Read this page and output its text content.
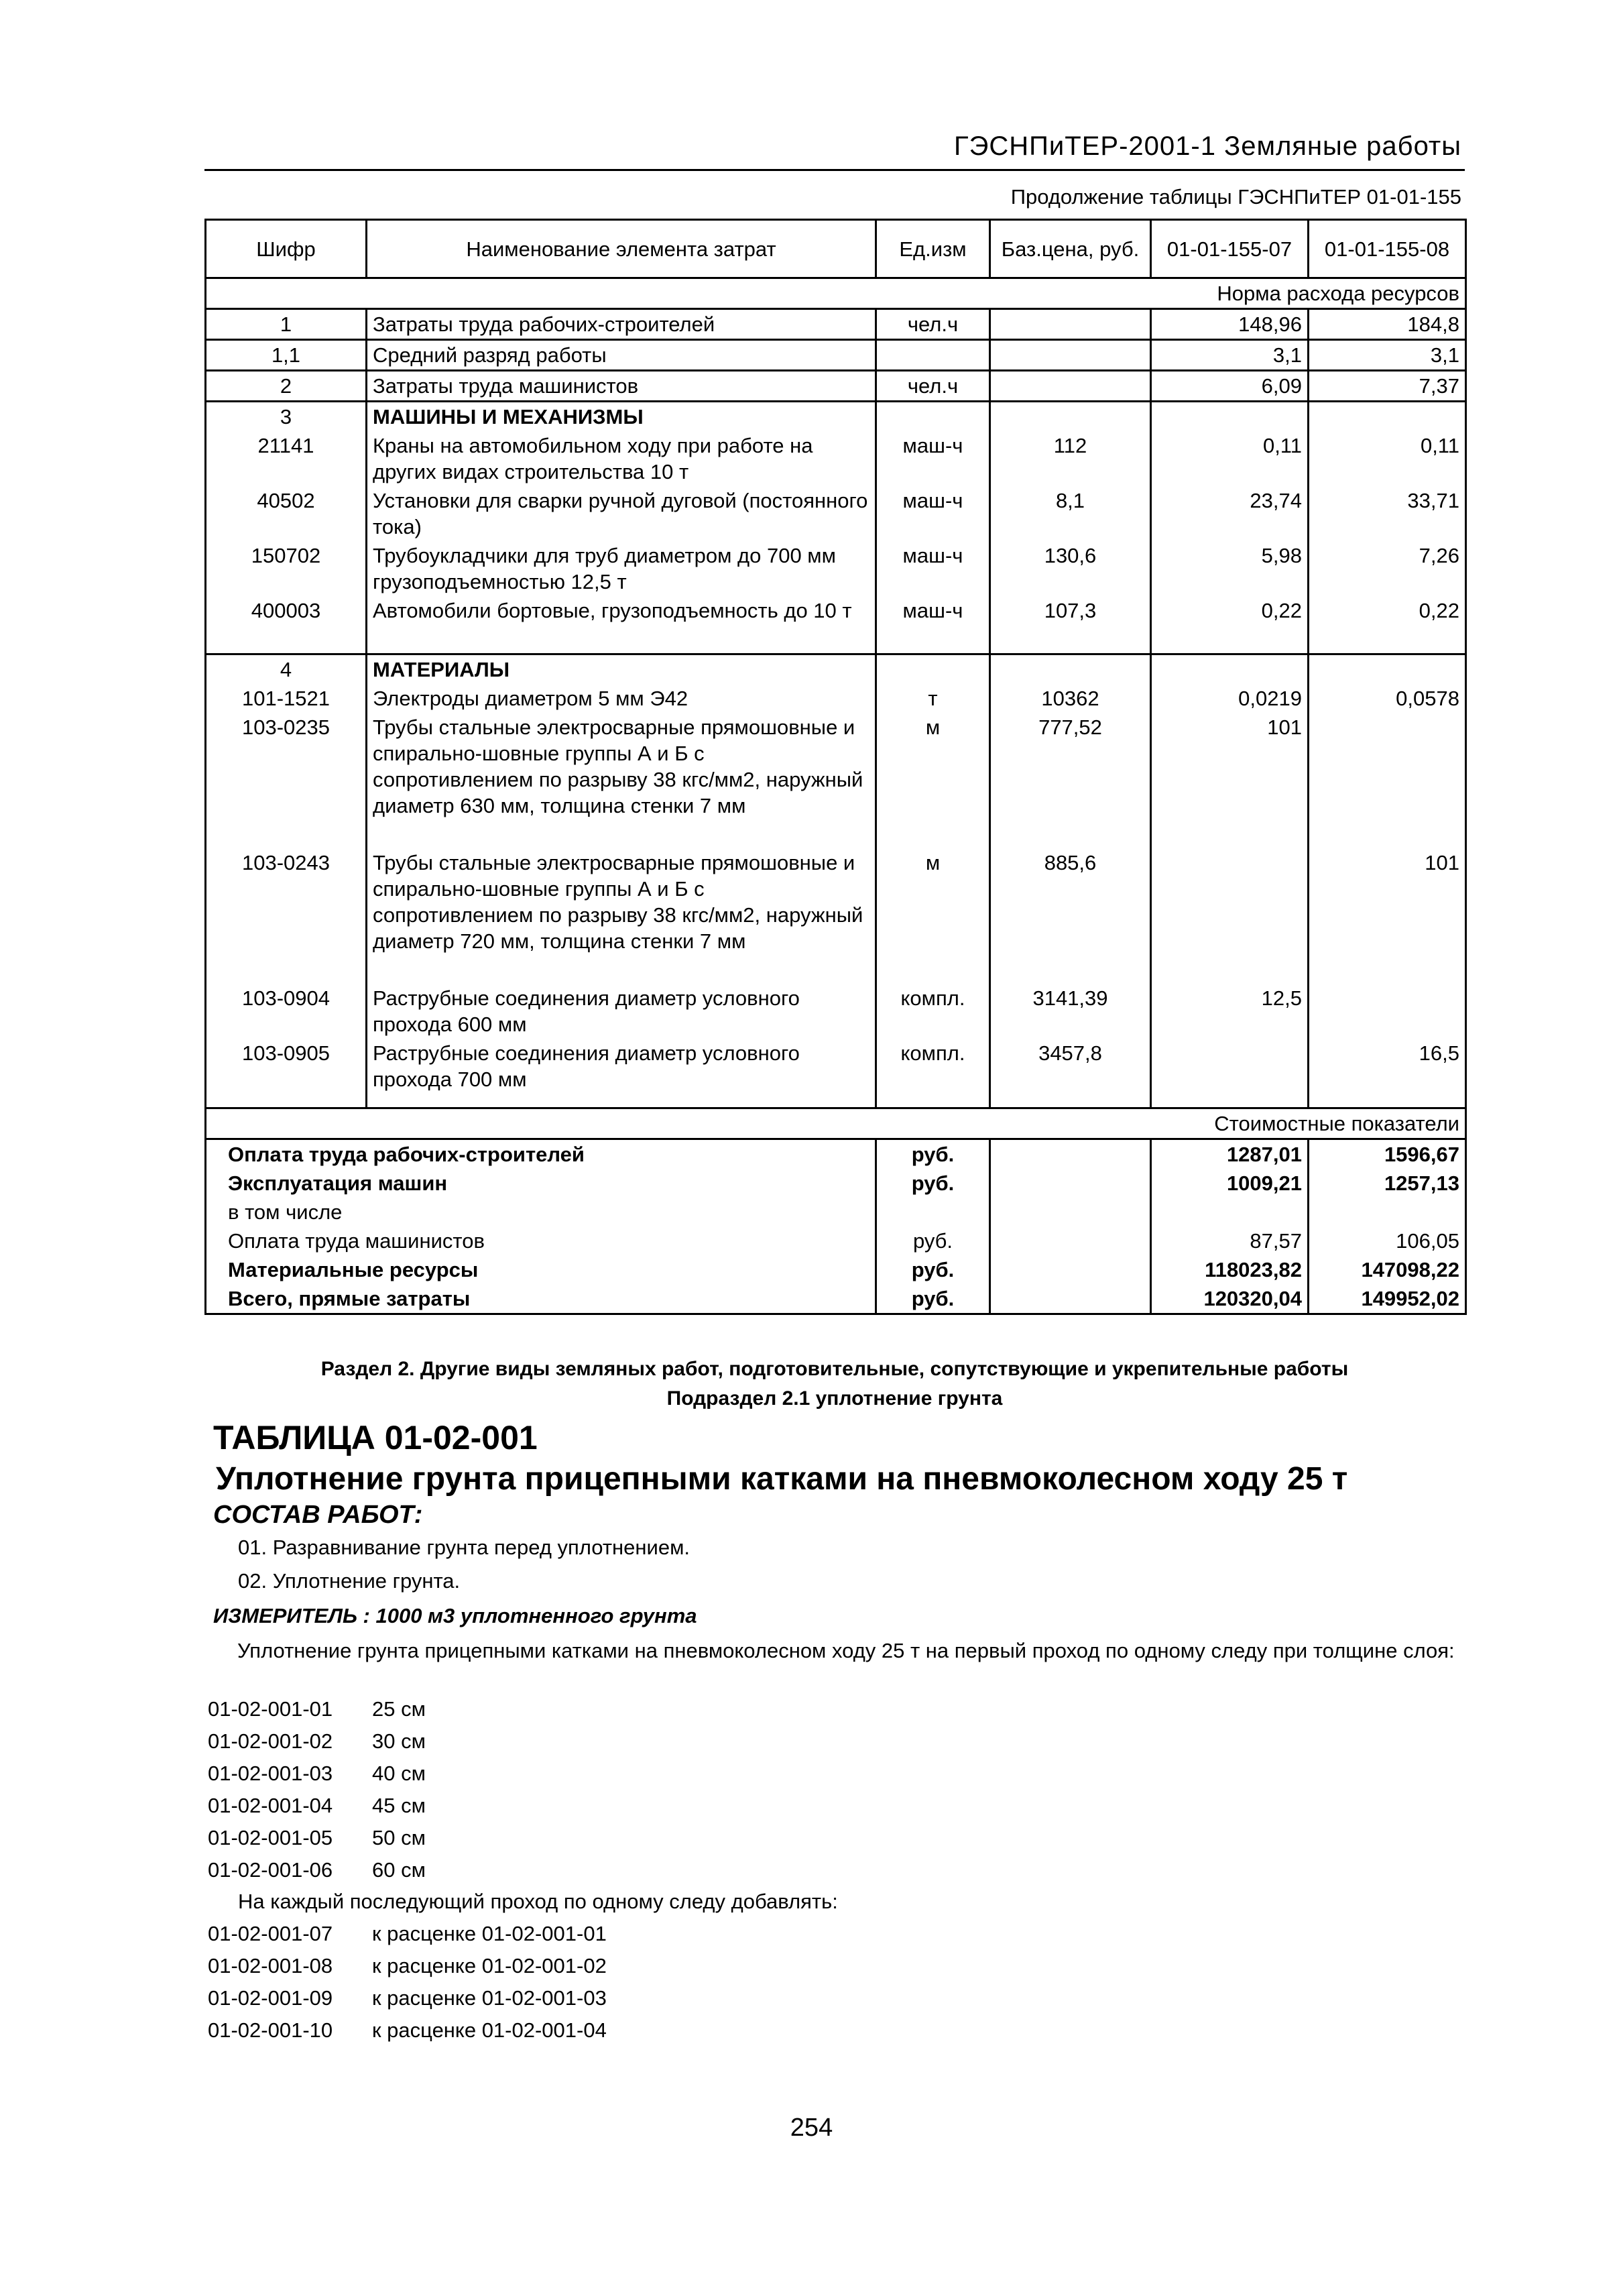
ГЭСНПиТЕР-2001-1 Земляные работы
Продолжение таблицы ГЭСНПиТЕР 01-01-155
Шифр	Наименование элемента затрат	Ед.изм	Баз.цена, руб.	01-01-155-07	01-01-155-08
Норма расхода ресурсов					
1	Затраты труда рабочих-строителей	чел.ч		148,96	184,8
1,1	Средний разряд работы			3,1	3,1
2	Затраты труда машинистов	чел.ч		6,09	7,37
3	МАШИНЫ И МЕХАНИЗМЫ				
21141	Краны на автомобильном ходу при работе на других видах строительства 10 т	маш-ч	112	0,11	0,11
40502	Установки для сварки ручной дуговой (постоянного тока)	маш-ч	8,1	23,74	33,71
150702	Трубоукладчики для труб диаметром до 700 мм грузоподъемностью 12,5 т	маш-ч	130,6	5,98	7,26
400003	Автомобили бортовые, грузоподъемность до 10 т	маш-ч	107,3	0,22	0,22

4	МАТЕРИАЛЫ				
101-1521	Электроды диаметром 5 мм Э42	т	10362	0,0219	0,0578
103-0235	Трубы стальные электросварные прямошовные и спирально-шовные группы А и Б с сопротивлением по разрыву 38 кгс/мм2, наружный диаметр 630 мм, толщина стенки 7 мм	м	777,52	101	

103-0243	Трубы стальные электросварные прямошовные и спирально-шовные группы А и Б с сопротивлением по разрыву 38 кгс/мм2, наружный диаметр 720 мм, толщина стенки 7 мм	м	885,6		101

103-0904	Раструбные соединения диаметр условного прохода 600 мм	компл.	3141,39	12,5	
103-0905	Раструбные соединения диаметр условного прохода 700 мм	компл.	3457,8		16,5

Стоимостные показатели					
Оплата труда рабочих-строителей		руб.		1287,01	1596,67
Эксплуатация машин		руб.		1009,21	1257,13
в том числе					
Оплата труда машинистов		руб.		87,57	106,05
Материальные ресурсы		руб.		118023,82	147098,22
Всего, прямые затраты		руб.		120320,04	149952,02
Раздел 2. Другие виды земляных работ, подготовительные, сопутствующие и укрепительные работы
Подраздел 2.1 уплотнение грунта
ТАБЛИЦА 01-02-001
Уплотнение грунта прицепными катками на пневмоколесном ходу 25 т
СОСТАВ РАБОТ:
01. Разравнивание грунта перед уплотнением.
02. Уплотнение грунта.
ИЗМЕРИТЕЛЬ : 1000 м3 уплотненного грунта
Уплотнение грунта прицепными катками на пневмоколесном ходу 25 т на первый проход по одному следу при толщине слоя:
01-02-001-01 25 см
01-02-001-02 30 см
01-02-001-03 40 см
01-02-001-04 45 см
01-02-001-05 50 см
01-02-001-06 60 см
На каждый последующий проход по одному следу добавлять:
01-02-001-07 к расценке 01-02-001-01
01-02-001-08 к расценке 01-02-001-02
01-02-001-09 к расценке 01-02-001-03
01-02-001-10 к расценке 01-02-001-04
254
